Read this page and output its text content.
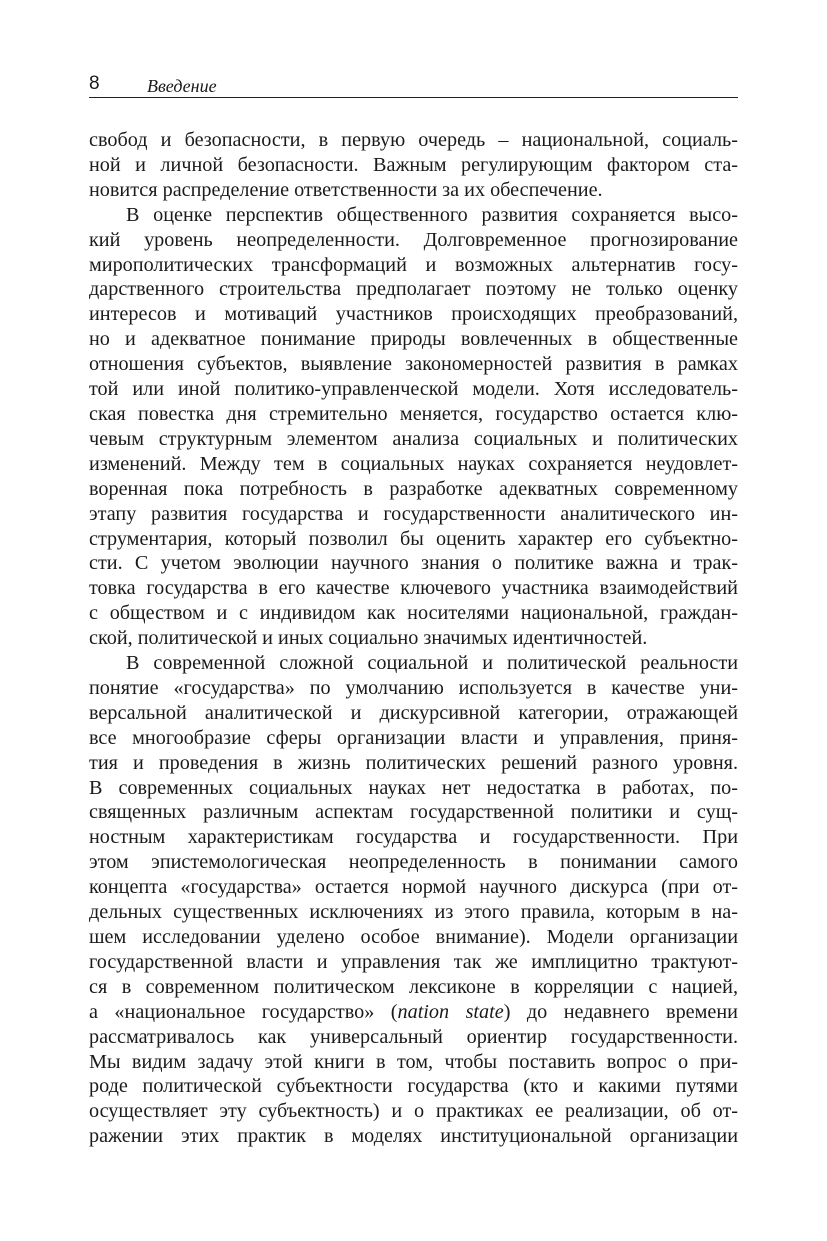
8	Введение
свобод и безопасности, в первую очередь – национальной, социаль-
ной и личной безопасности. Важным регулирующим фактором ста-
новится распределение ответственности за их обеспечение.
В оценке перспектив общественного развития сохраняется высо-
кий уровень неопределенности. Долговременное прогнозирование
миpoполитических трансформаций и возможных альтернатив госу-
дарственного строительства предполагает поэтому не только оценку
интересов и мотиваций участников происходящих преобразований,
но и адекватное понимание природы вовлеченных в общественные
отношения субъектов, выявление закономерностей развития в рамках
той или иной политико-управленческой модели. Хотя исследователь-
ская повестка дня стремительно меняется, государство остается клю-
чевым структурным элементом анализа социальных и политических
изменений. Между тем в социальных науках сохраняется неудовлет-
воренная пока потребность в разработке адекватных современному
этапу развития государства и государственности аналитического ин-
струментария, который позволил бы оценить характер его субъектно-
сти. С учетом эволюции научного знания о политике важна и трак-
товка государства в его качестве ключевого участника взаимодействий
с обществом и с индивидом как носителями национальной, граждан-
ской, политической и иных социально значимых идентичностей.
В современной сложной социальной и политической реальности
понятие «государства» по умолчанию используется в качестве уни-
версальной аналитической и дискурсивной категории, отражающей
все многообразие сферы организации власти и управления, приня-
тия и проведения в жизнь политических решений разного уровня.
В современных социальных науках нет недостатка в работах, по-
священных различным аспектам государственной политики и сущ-
ностным характеристикам государства и государственности. При
этом эпистемологическая неопределенность в понимании самого
концепта «государства» остается нормой научного дискурса (при от-
дельных существенных исключениях из этого правила, которым в на-
шем исследовании уделено особое внимание). Модели организации
государственной власти и управления так же имплицитно трактуют-
ся в современном политическом лексиконе в корреляции с нацией,
а «национальное государство» (nation state) до недавнего времени
рассматривалось как универсальный ориентир государственности.
Мы видим задачу этой книги в том, чтобы поставить вопрос о при-
роде политической субъектности государства (кто и какими путями
осуществляет эту субъектность) и о практиках ее реализации, об от-
ражении этих практик в моделях институциональной организации
